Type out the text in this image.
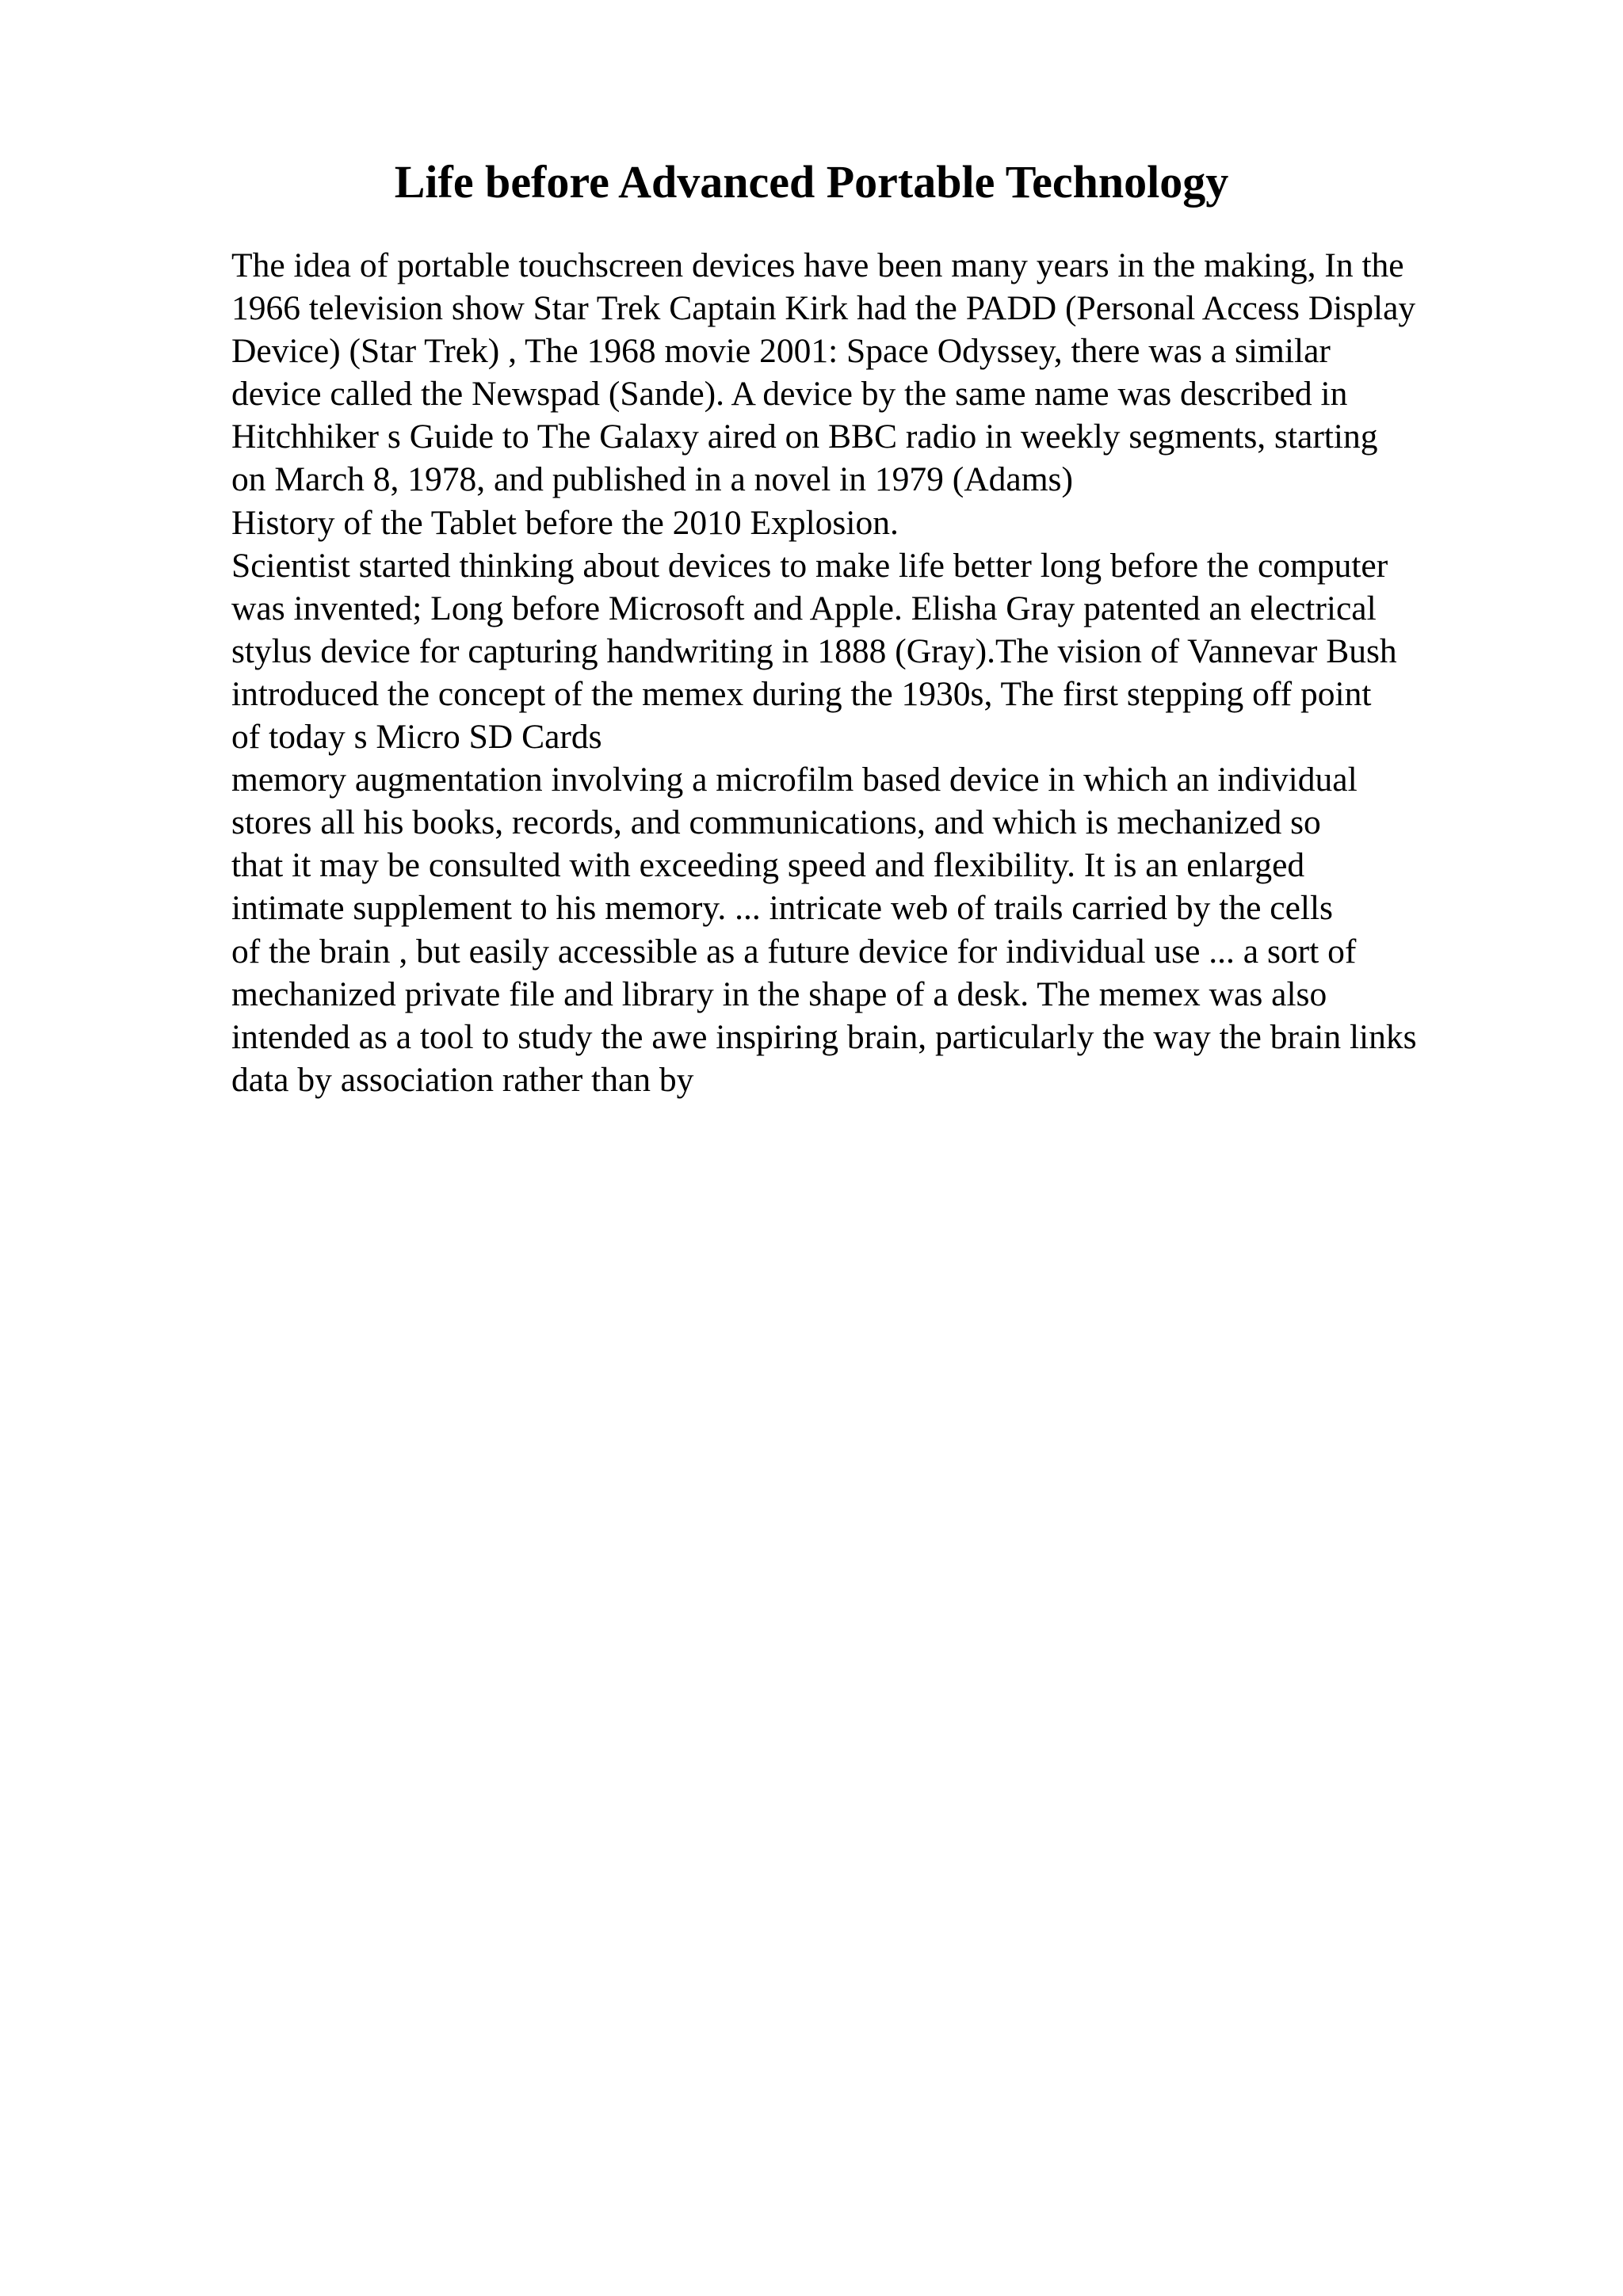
Life before Advanced Portable Technology
The idea of portable touchscreen devices have been many years in the making, In the
1966 television show Star Trek Captain Kirk had the PADD (Personal Access Display
Device) (Star Trek) , The 1968 movie 2001: Space Odyssey, there was a similar
device called the Newspad (Sande). A device by the same name was described in
Hitchhiker s Guide to The Galaxy aired on BBC radio in weekly segments, starting
on March 8, 1978, and published in a novel in 1979 (Adams)
History of the Tablet before the 2010 Explosion.
Scientist started thinking about devices to make life better long before the computer
was invented; Long before Microsoft and Apple. Elisha Gray patented an electrical
stylus device for capturing handwriting in 1888 (Gray).The vision of Vannevar Bush
introduced the concept of the memex during the 1930s, The first stepping off point
of today s Micro SD Cards
memory augmentation involving a microfilm based device in which an individual
stores all his books, records, and communications, and which is mechanized so
that it may be consulted with exceeding speed and flexibility. It is an enlarged
intimate supplement to his memory. ... intricate web of trails carried by the cells
of the brain , but easily accessible as a future device for individual use ... a sort of
mechanized private file and library in the shape of a desk. The memex was also
intended as a tool to study the awe inspiring brain, particularly the way the brain links
data by association rather than by
